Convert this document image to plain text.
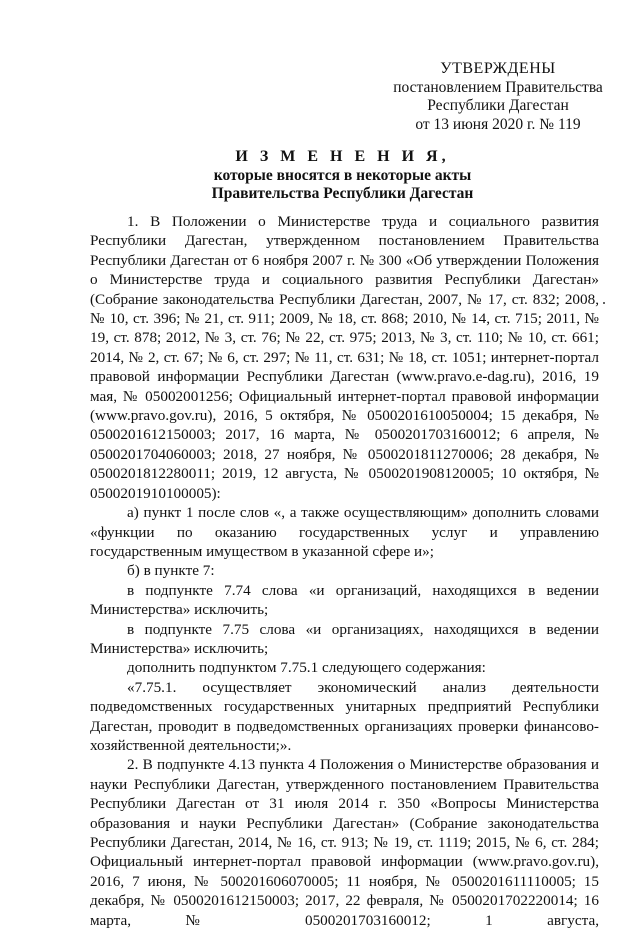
УТВЕРЖДЕНЫ
постановлением Правительства
Республики Дагестан
от 13 июня 2020 г. № 119
И З М Е Н Е Н И Я,
которые вносятся в некоторые акты
Правительства Республики Дагестан

1. В Положении о Министерстве труда и социального развития Республики Дагестан, утвержденном постановлением Правительства Республики Дагестан от 6 ноября 2007 г. № 300 «Об утверждении Положения о Министерстве труда и социального развития Республики Дагестан» (Собрание законодательства Республики Дагестан, 2007, № 17, ст. 832; 2008, № 10, ст. 396; № 21, ст. 911; 2009, № 18, ст. 868; 2010, № 14, ст. 715; 2011, № 19, ст. 878; 2012, № 3, ст. 76; № 22, ст. 975; 2013, № 3, ст. 110; № 10, ст. 661; 2014, № 2, ст. 67; № 6, ст. 297; № 11, ст. 631; № 18, ст. 1051; интернет-портал правовой информации Республики Дагестан (www.pravo.e-dag.ru), 2016, 19 мая, № 05002001256; Официальный интернет-портал правовой информации (www.pravo.gov.ru), 2016, 5 октября, № 0500201610050004; 15 декабря, № 0500201612150003; 2017, 16 марта, № 0500201703160012; 6 апреля, № 0500201704060003; 2018, 27 ноября, № 0500201811270006; 28 декабря, № 0500201812280011; 2019, 12 августа, № 0500201908120005; 10 октября, № 0500201910100005):

а) пункт 1 после слов «, а также осуществляющим» дополнить словами «функции по оказанию государственных услуг и управлению государственным имуществом в указанной сфере и»;

б) в пункте 7:

в подпункте 7.74 слова «и организаций, находящихся в ведении Министерства» исключить;

в подпункте 7.75 слова «и организациях, находящихся в ведении Министерства» исключить;

дополнить подпунктом 7.75.1 следующего содержания:

«7.75.1. осуществляет экономический анализ деятельности подведомственных государственных унитарных предприятий Республики Дагестан, проводит в подведомственных организациях проверки финансово-хозяйственной деятельности;».

2. В подпункте 4.13 пункта 4 Положения о Министерстве образования и науки Республики Дагестан, утвержденного постановлением Правительства Республики Дагестан от 31 июля 2014 г. 350 «Вопросы Министерства образования и науки Республики Дагестан» (Собрание законодательства Республики Дагестан, 2014, № 16, ст. 913; № 19, ст. 1119; 2015, № 6, ст. 284; Официальный интернет-портал правовой информации (www.pravo.gov.ru), 2016, 7 июня, № 500201606070005; 11 ноября, № 0500201611110005; 15 декабря, № 0500201612150003; 2017, 22 февраля, № 0500201702220014; 16 марта, № 0500201703160012; 1 августа,
